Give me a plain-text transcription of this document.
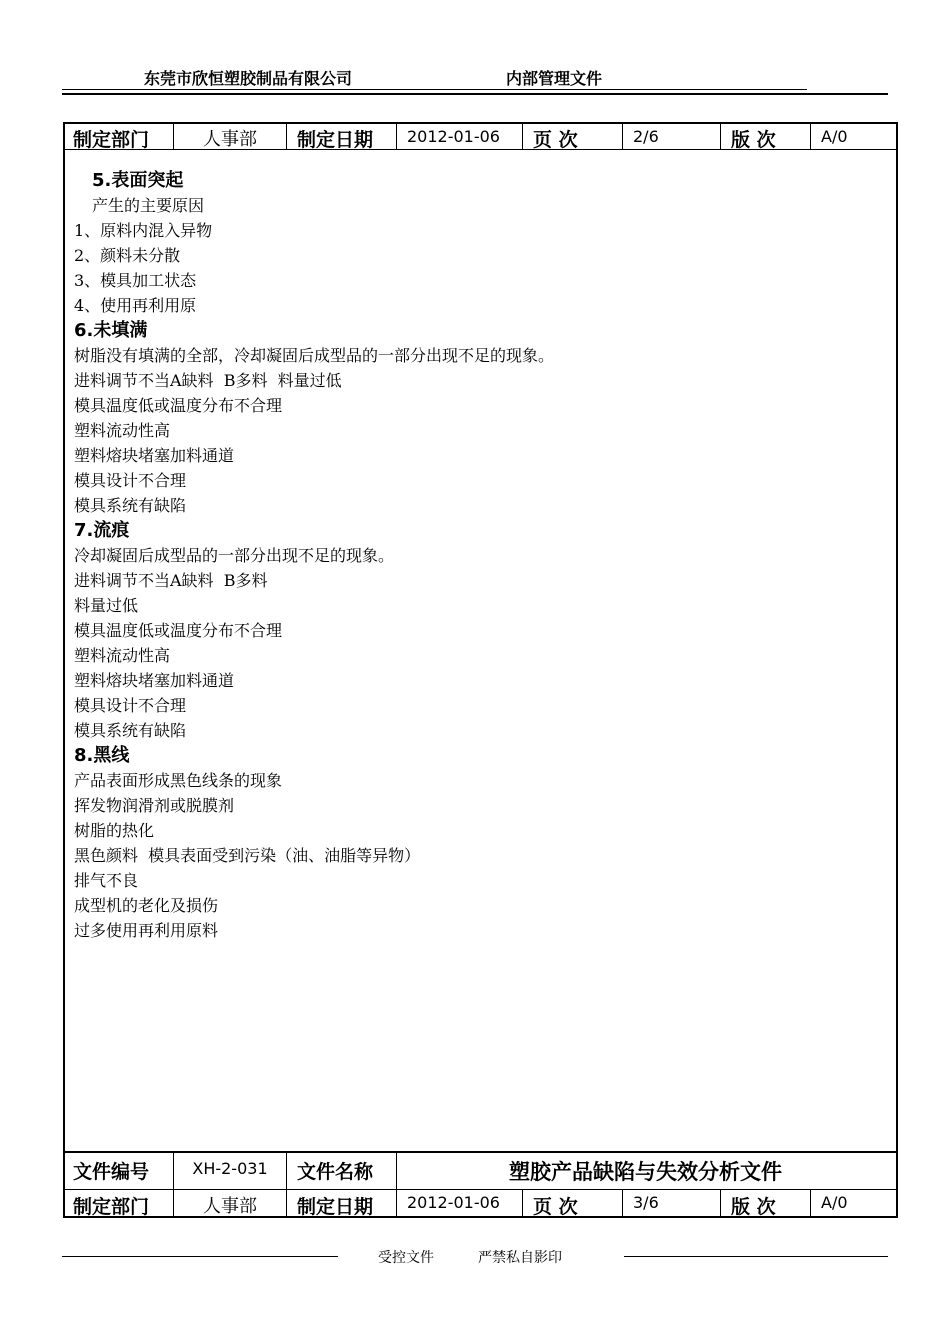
东莞市欣恒塑胶制品有限公司	内部管理文件
制定部门	人事部	制定日期	2012-01-06	页 次	2/6	版 次	A/0
5.表面突起
产生的主要原因
1、原料内混入异物
2、颜料未分散
3、模具加工状态
4、使用再利用原
6.未填满
树脂没有填满的全部，冷却凝固后成型品的一部分出现不足的现象。
进料调节不当A缺料  B多料  料量过低
模具温度低或温度分布不合理
塑料流动性高
塑料熔块堵塞加料通道
模具设计不合理
模具系统有缺陷
7.流痕
冷却凝固后成型品的一部分出现不足的现象。
进料调节不当A缺料  B多料
料量过低
模具温度低或温度分布不合理
塑料流动性高
塑料熔块堵塞加料通道
模具设计不合理
模具系统有缺陷
8.黑线
产品表面形成黑色线条的现象
挥发物润滑剂或脱膜剂
树脂的热化
黑色颜料  模具表面受到污染（油、油脂等异物）
排气不良
成型机的老化及损伤
过多使用再利用原料
文件编号	XH-2-031	文件名称	塑胶产品缺陷与失效分析文件
制定部门	人事部	制定日期	2012-01-06	页 次	3/6	版 次	A/0
受控文件	严禁私自影印
